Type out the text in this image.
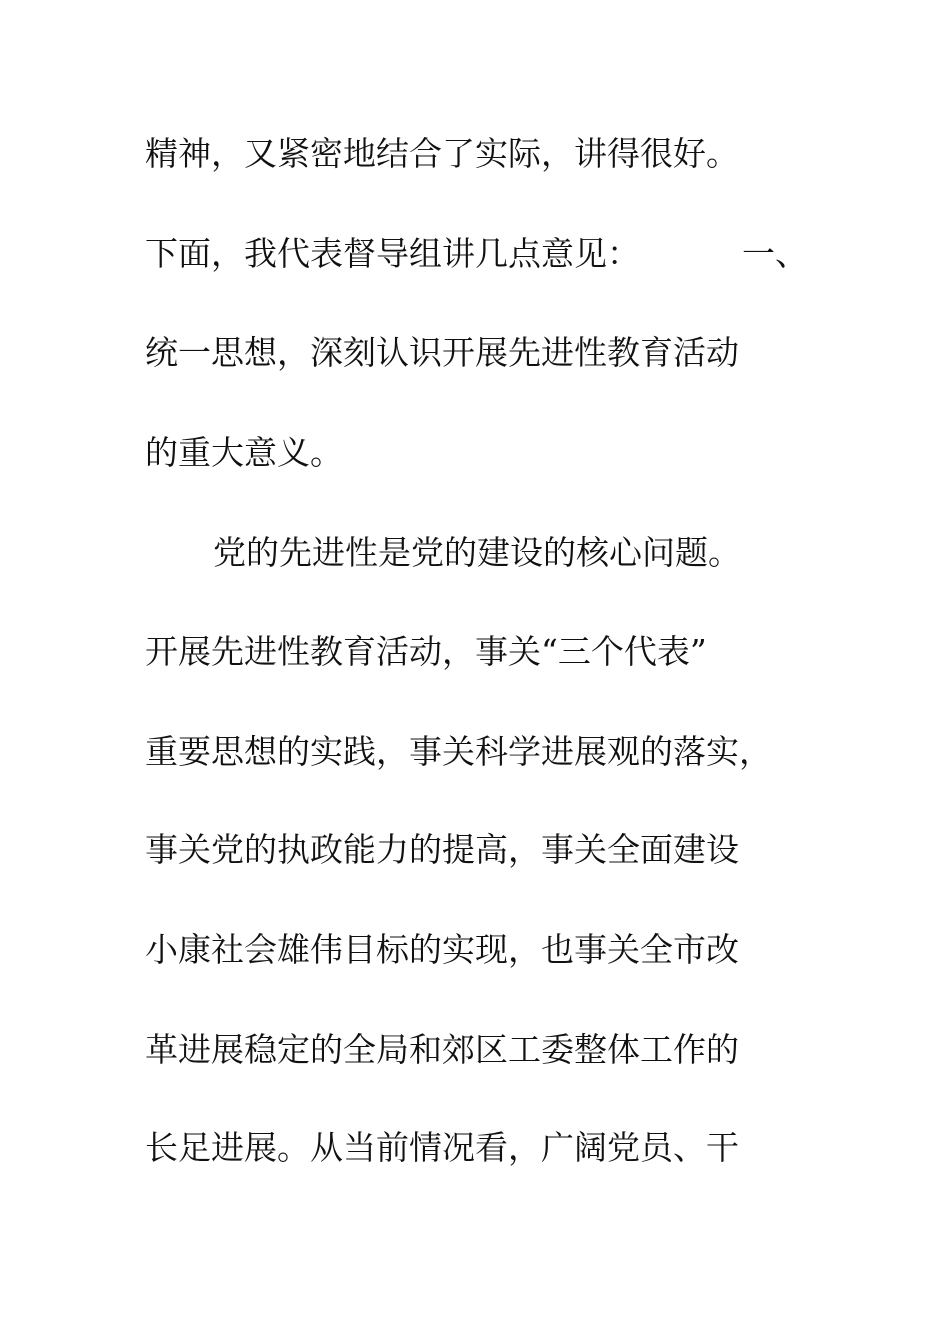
精神，又紧密地结合了实际，讲得很好。
下面，我代表督导组讲几点意见：	一、
统一思想，深刻认识开展先进性教育活动
的重大意义。
党的先进性是党的建设的核心问题。
开展先进性教育活动，事关“三个代表”
重要思想的实践，事关科学进展观的落实，
事关党的执政能力的提高，事关全面建设
小康社会雄伟目标的实现，也事关全市改
革进展稳定的全局和郊区工委整体工作的
长足进展。从当前情况看，广阔党员、干
